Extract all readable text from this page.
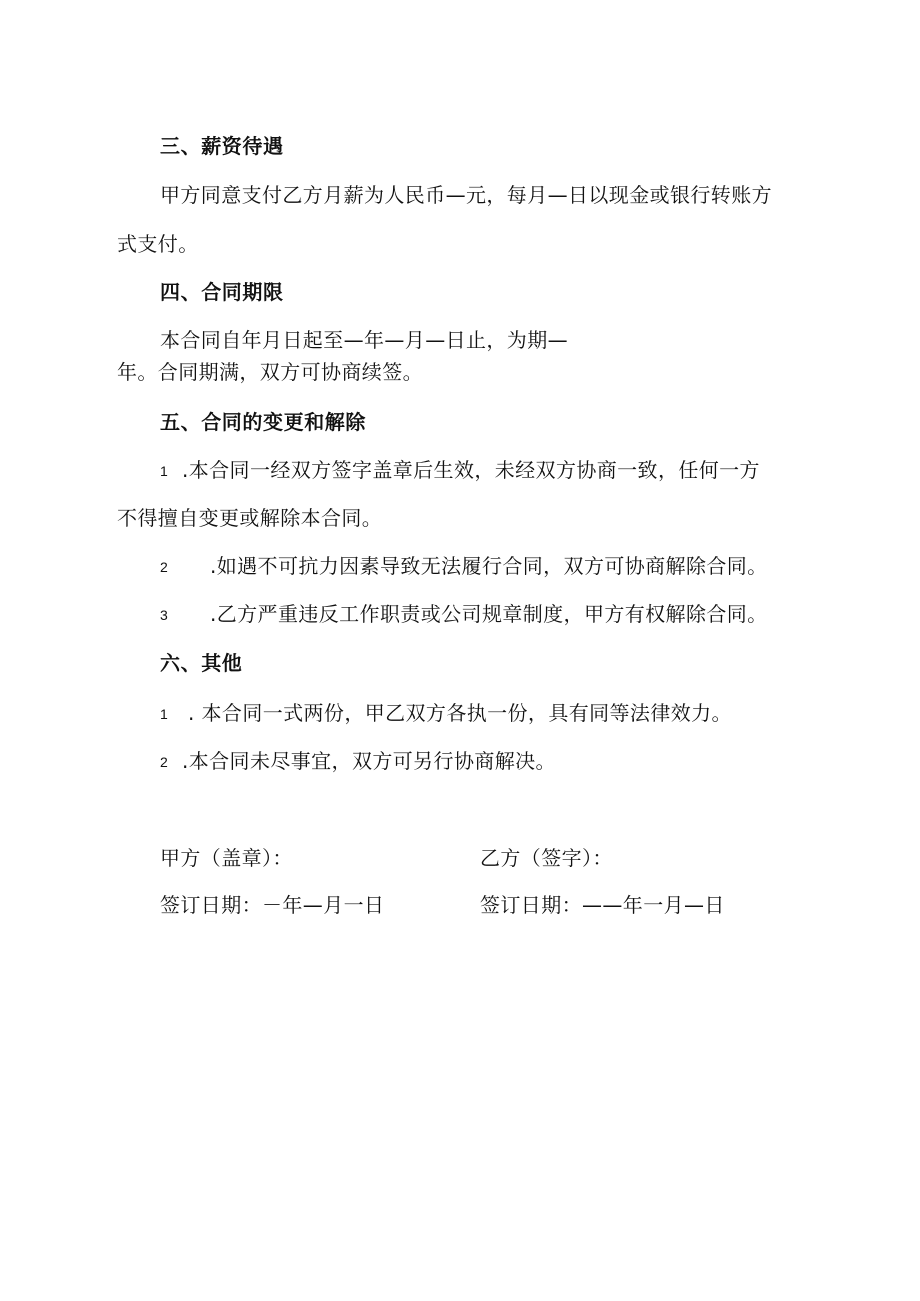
三、薪资待遇
甲方同意支付乙方月薪为人民币—元，每月—日以现金或银行转账方
式支付。
四、合同期限
本合同自年月日起至—年—月—日止，为期—
年。合同期满，双方可协商续签。
五、合同的变更和解除
1 .本合同一经双方签字盖章后生效，未经双方协商一致，任何一方
不得擅自变更或解除本合同。
2 .如遇不可抗力因素导致无法履行合同，双方可协商解除合同。
3 .乙方严重违反工作职责或公司规章制度，甲方有权解除合同。
六、其他
1 . 本合同一式两份，甲乙双方各执一份，具有同等法律效力。
2 .本合同未尽事宜，双方可另行协商解决。
甲方（盖章）：	乙方（签字）：
签订日期：－年—月一日	签订日期：——年一月—日
